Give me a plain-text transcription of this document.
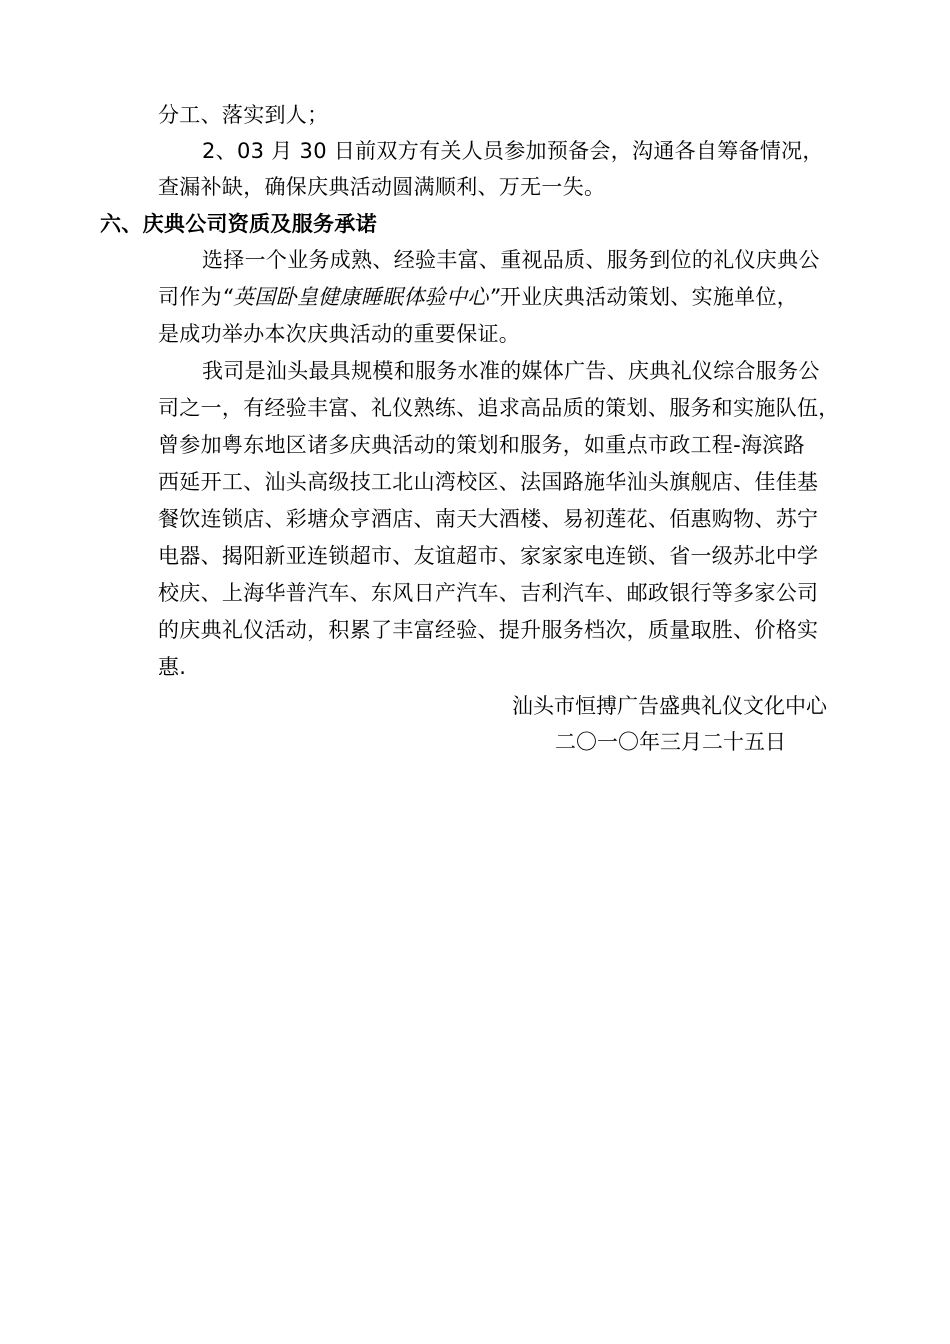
分工、落实到人；
2、03 月 30 日前双方有关人员参加预备会，沟通各自筹备情况，
查漏补缺，确保庆典活动圆满顺利、万无一失。
六、庆典公司资质及服务承诺
选择一个业务成熟、经验丰富、重视品质、服务到位的礼仪庆典公
司作为“英国卧皇健康睡眠体验中心”开业庆典活动策划、实施单位，
是成功举办本次庆典活动的重要保证。
我司是汕头最具规模和服务水准的媒体广告、庆典礼仪综合服务公
司之一，有经验丰富、礼仪熟练、追求高品质的策划、服务和实施队伍，
曾参加粤东地区诸多庆典活动的策划和服务，如重点市政工程-海滨路
西延开工、汕头高级技工北山湾校区、法国路施华汕头旗舰店、佳佳基
餐饮连锁店、彩塘众亨酒店、南天大酒楼、易初莲花、佰惠购物、苏宁
电器、揭阳新亚连锁超市、友谊超市、家家家电连锁、省一级苏北中学
校庆、上海华普汽车、东风日产汽车、吉利汽车、邮政银行等多家公司
的庆典礼仪活动，积累了丰富经验、提升服务档次，质量取胜、价格实
惠.
汕头市恒搏广告盛典礼仪文化中心
二〇一〇年三月二十五日
